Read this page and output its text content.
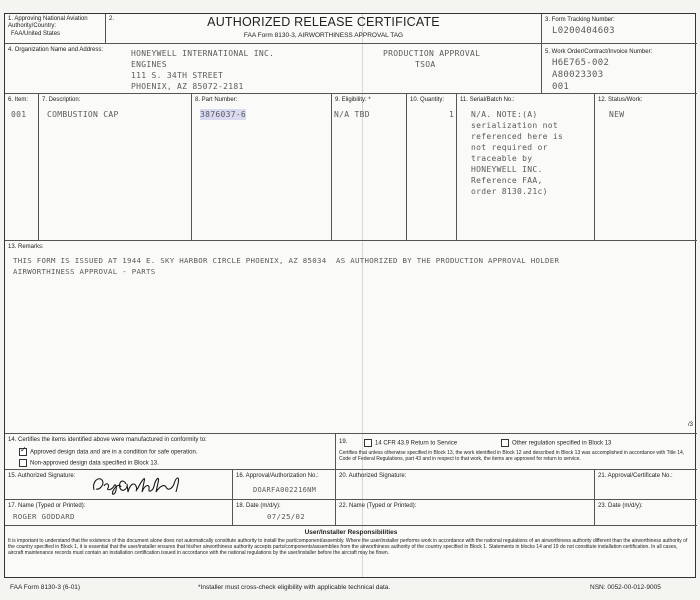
1. Approving National Aviation Authority/Country:
FAA/United States
2.	AUTHORIZED RELEASE CERTIFICATE
FAA Form 8130-3, AIRWORTHINESS APPROVAL TAG
3. Form Tracking Number:
L0200404603
4. Organization Name and Address:	HONEYWELL INTERNATIONAL INC.
ENGINES
111 S. 34TH STREET
PHOENIX, AZ 85072-2181
PRODUCTION APPROVAL
TSOA
5. Work Order/Contract/Invoice Number:
H6E765-002
A80023303
001
6. Item:
001
7. Description:
COMBUSTION CAP
8. Part Number:
3876037-6
9. Eligibility: *
N/A TBD
10. Quantity:
1
11. Serial/Batch No.:
N/A. NOTE:(A)
serialization not
referenced here is
not required or
traceable by
HONEYWELL INC.
Reference FAA,
order 8130.21c)
12. Status/Work:
NEW
13. Remarks:
THIS FORM IS ISSUED AT 1944 E. SKY HARBOR CIRCLE PHOENIX, AZ 85034  AS AUTHORIZED BY THE PRODUCTION APPROVAL HOLDER
AIRWORTHINESS APPROVAL - PARTS
/3
14. Certifies the items identified above were manufactured in conformity to:
✓ Approved design data and are in a condition for safe operation.
Non-approved design data specified in Block 13.
19.	14 CFR 43.9 Return to Service	Other regulation specified in Block 13
Certifies that unless otherwise specified in Block 13, the work identified in Block 12 and described in Block 13 was accomplished in accordance with Title 14, Code of Federal Regulations, part 43 and in respect to that work, the items are approved for return to service.
15. Authorized Signature:	16. Approval/Authorization No.:
DOARFA002216NM
20. Authorized Signature:	21. Approval/Certificate No.:
17. Name (Typed or Printed):
ROGER GODDARD
18. Date (m/d/y):
07/25/02
22. Name (Typed or Printed):	23. Date (m/d/y):
User/Installer Responsibilities
It is important to understand that the existence of this document alone does not automatically constitute authority to install the part/component/assembly. Where the user/installer performs work in accordance with the national regulations of an airworthiness authority different than the airworthiness authority of the country specified in Block 1, it is essential that the user/installer ensures that his/her airworthiness authority accepts parts/components/assemblies from the airworthiness authority of the country specified in Block 1. Statements in blocks 14 and 19 do not constitute installation certification. In all cases, aircraft maintenance records must contain an installation certification issued in accordance with the national regulations by the user/installer before the aircraft may be flown.
FAA Form 8130-3 (6-01)	*Installer must cross-check eligibility with applicable technical data.	NSN: 0052-00-012-9005
